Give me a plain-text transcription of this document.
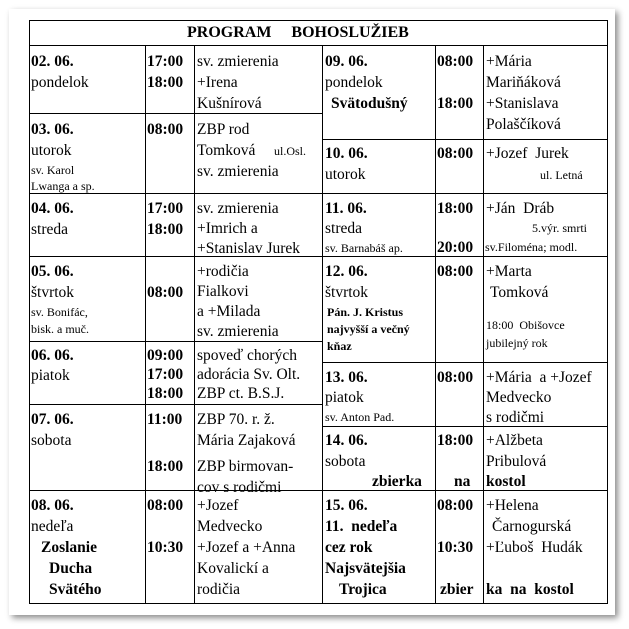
PROGRAM     BOHOSLUŽIEB
02. 06.
pondelok
17:00
18:00
sv. zmierenia
+Irena
Kušnírová
03. 06.
utorok
sv. Karol
Lwanga a sp.
08:00 ZBP rod
Tomková ul.Osl.
sv. zmierenia
04. 06.
streda
17:00
18:00
sv. zmierenia
+Imrich a
+Stanislav Jurek
05. 06.
štvrtok
sv. Bonifác,
bisk. a muč.
08:00
+rodičia
Fialkovi
a +Milada
sv. zmierenia
06. 06.
piatok
09:00
17:00
18:00
spoveď chorých
adorácia Sv. Olt.
ZBP ct. B.S.J.
07. 06.
sobota
11:00
18:00
ZBP 70. r. ž.
Mária Zajaková
ZBP birmovan-
cov s rodičmi
08. 06.
nedeľa
Zoslanie
Ducha
Svätého
08:00
10:30
+Jozef
Medvecko
+Jozef a +Anna
Kovalickí a
rodičia
09. 06.
pondelok
Svätodušný
08:00
18:00
+Mária
Mariňáková
+Stanislava
Polaščíková
10. 06.
utorok
08:00 +Jozef  Jurek
ul. Letná
11. 06.
streda
sv. Barnabáš ap.
18:00
20:00
+Ján  Dráb
5.výr. smrti
sv.Filoména; modl.
12. 06.
štvrtok
Pán. J. Kristus
najvyšší a večný
kňaz
08:00 +Marta
Tomková
18:00  Obišovce
jubilejný rok
13. 06.
piatok
sv. Anton Pad.
08:00 +Mária  a +Jozef
Medvecko
s rodičmi
14. 06.
sobota
zbierka na kostol
18:00 +Alžbeta
Pribulová
15. 06.
11.  nedeľa
cez rok
Najsvätejšia
Trojica	zbier ka  na  kostol
08:00
10:30
+Helena
Čarnogurská
+Ľuboš  Hudák
